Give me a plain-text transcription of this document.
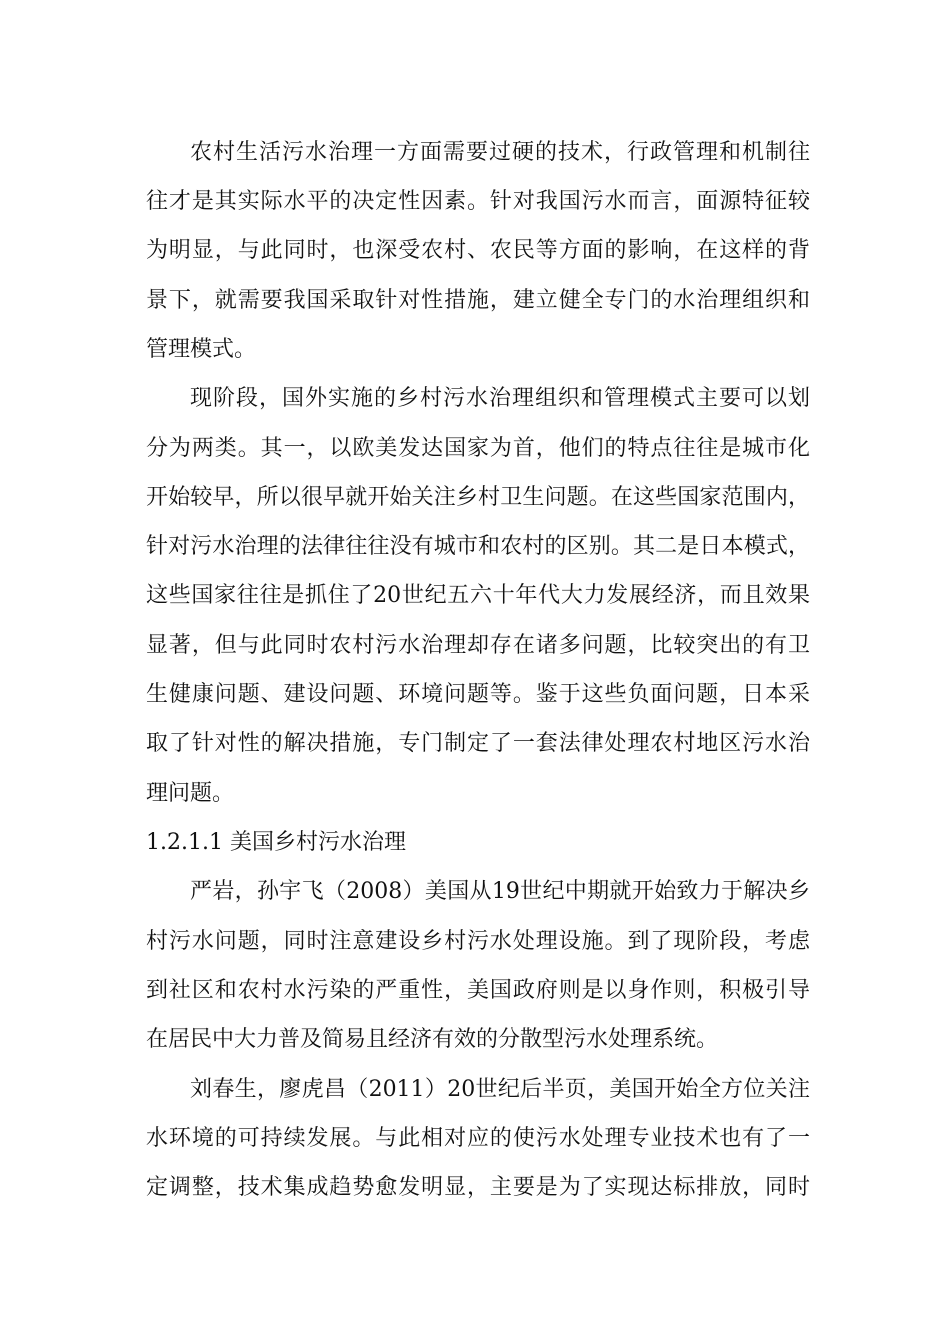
农村生活污水治理一方面需要过硬的技术，行政管理和机制往
往才是其实际水平的决定性因素。针对我国污水而言，面源特征较
为明显，与此同时，也深受农村、农民等方面的影响，在这样的背
景下，就需要我国采取针对性措施，建立健全专门的水治理组织和
管理模式。
现阶段，国外实施的乡村污水治理组织和管理模式主要可以划
分为两类。其一，以欧美发达国家为首，他们的特点往往是城市化
开始较早，所以很早就开始关注乡村卫生问题。在这些国家范围内，
针对污水治理的法律往往没有城市和农村的区别。其二是日本模式，
这些国家往往是抓住了20世纪五六十年代大力发展经济，而且效果
显著，但与此同时农村污水治理却存在诸多问题，比较突出的有卫
生健康问题、建设问题、环境问题等。鉴于这些负面问题，日本采
取了针对性的解决措施，专门制定了一套法律处理农村地区污水治
理问题。
1.2.1.1 美国乡村污水治理
严岩，孙宇飞（2008）美国从19世纪中期就开始致力于解决乡
村污水问题，同时注意建设乡村污水处理设施。到了现阶段，考虑
到社区和农村水污染的严重性，美国政府则是以身作则，积极引导
在居民中大力普及简易且经济有效的分散型污水处理系统。
刘春生，廖虎昌（2011）20世纪后半页，美国开始全方位关注
水环境的可持续发展。与此相对应的使污水处理专业技术也有了一
定调整，技术集成趋势愈发明显，主要是为了实现达标排放，同时
